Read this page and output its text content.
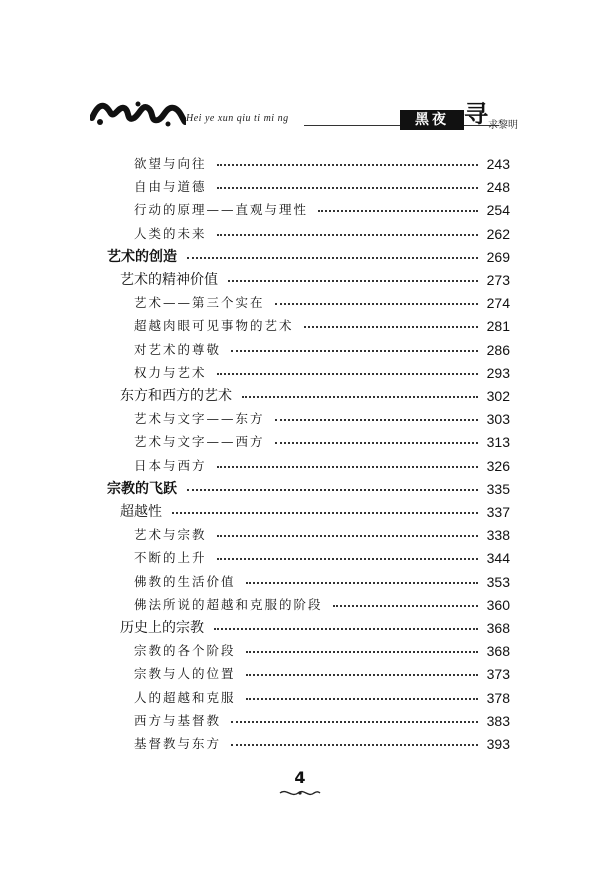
Hei ye xun qiu ti mi ng	黑夜 寻 求黎明
欲望与向往	243
自由与道德	248
行动的原理——直观与理性	254
人类的未来	262
艺术的创造	269
艺术的精神价值	273
艺术——第三个实在	274
超越肉眼可见事物的艺术	281
对艺术的尊敬	286
权力与艺术	293
东方和西方的艺术	302
艺术与文字——东方	303
艺术与文字——西方	313
日本与西方	326
宗教的飞跃	335
超越性	337
艺术与宗教	338
不断的上升	344
佛教的生活价值	353
佛法所说的超越和克服的阶段	360
历史上的宗教	368
宗教的各个阶段	368
宗教与人的位置	373
人的超越和克服	378
西方与基督教	383
基督教与东方	393
4
